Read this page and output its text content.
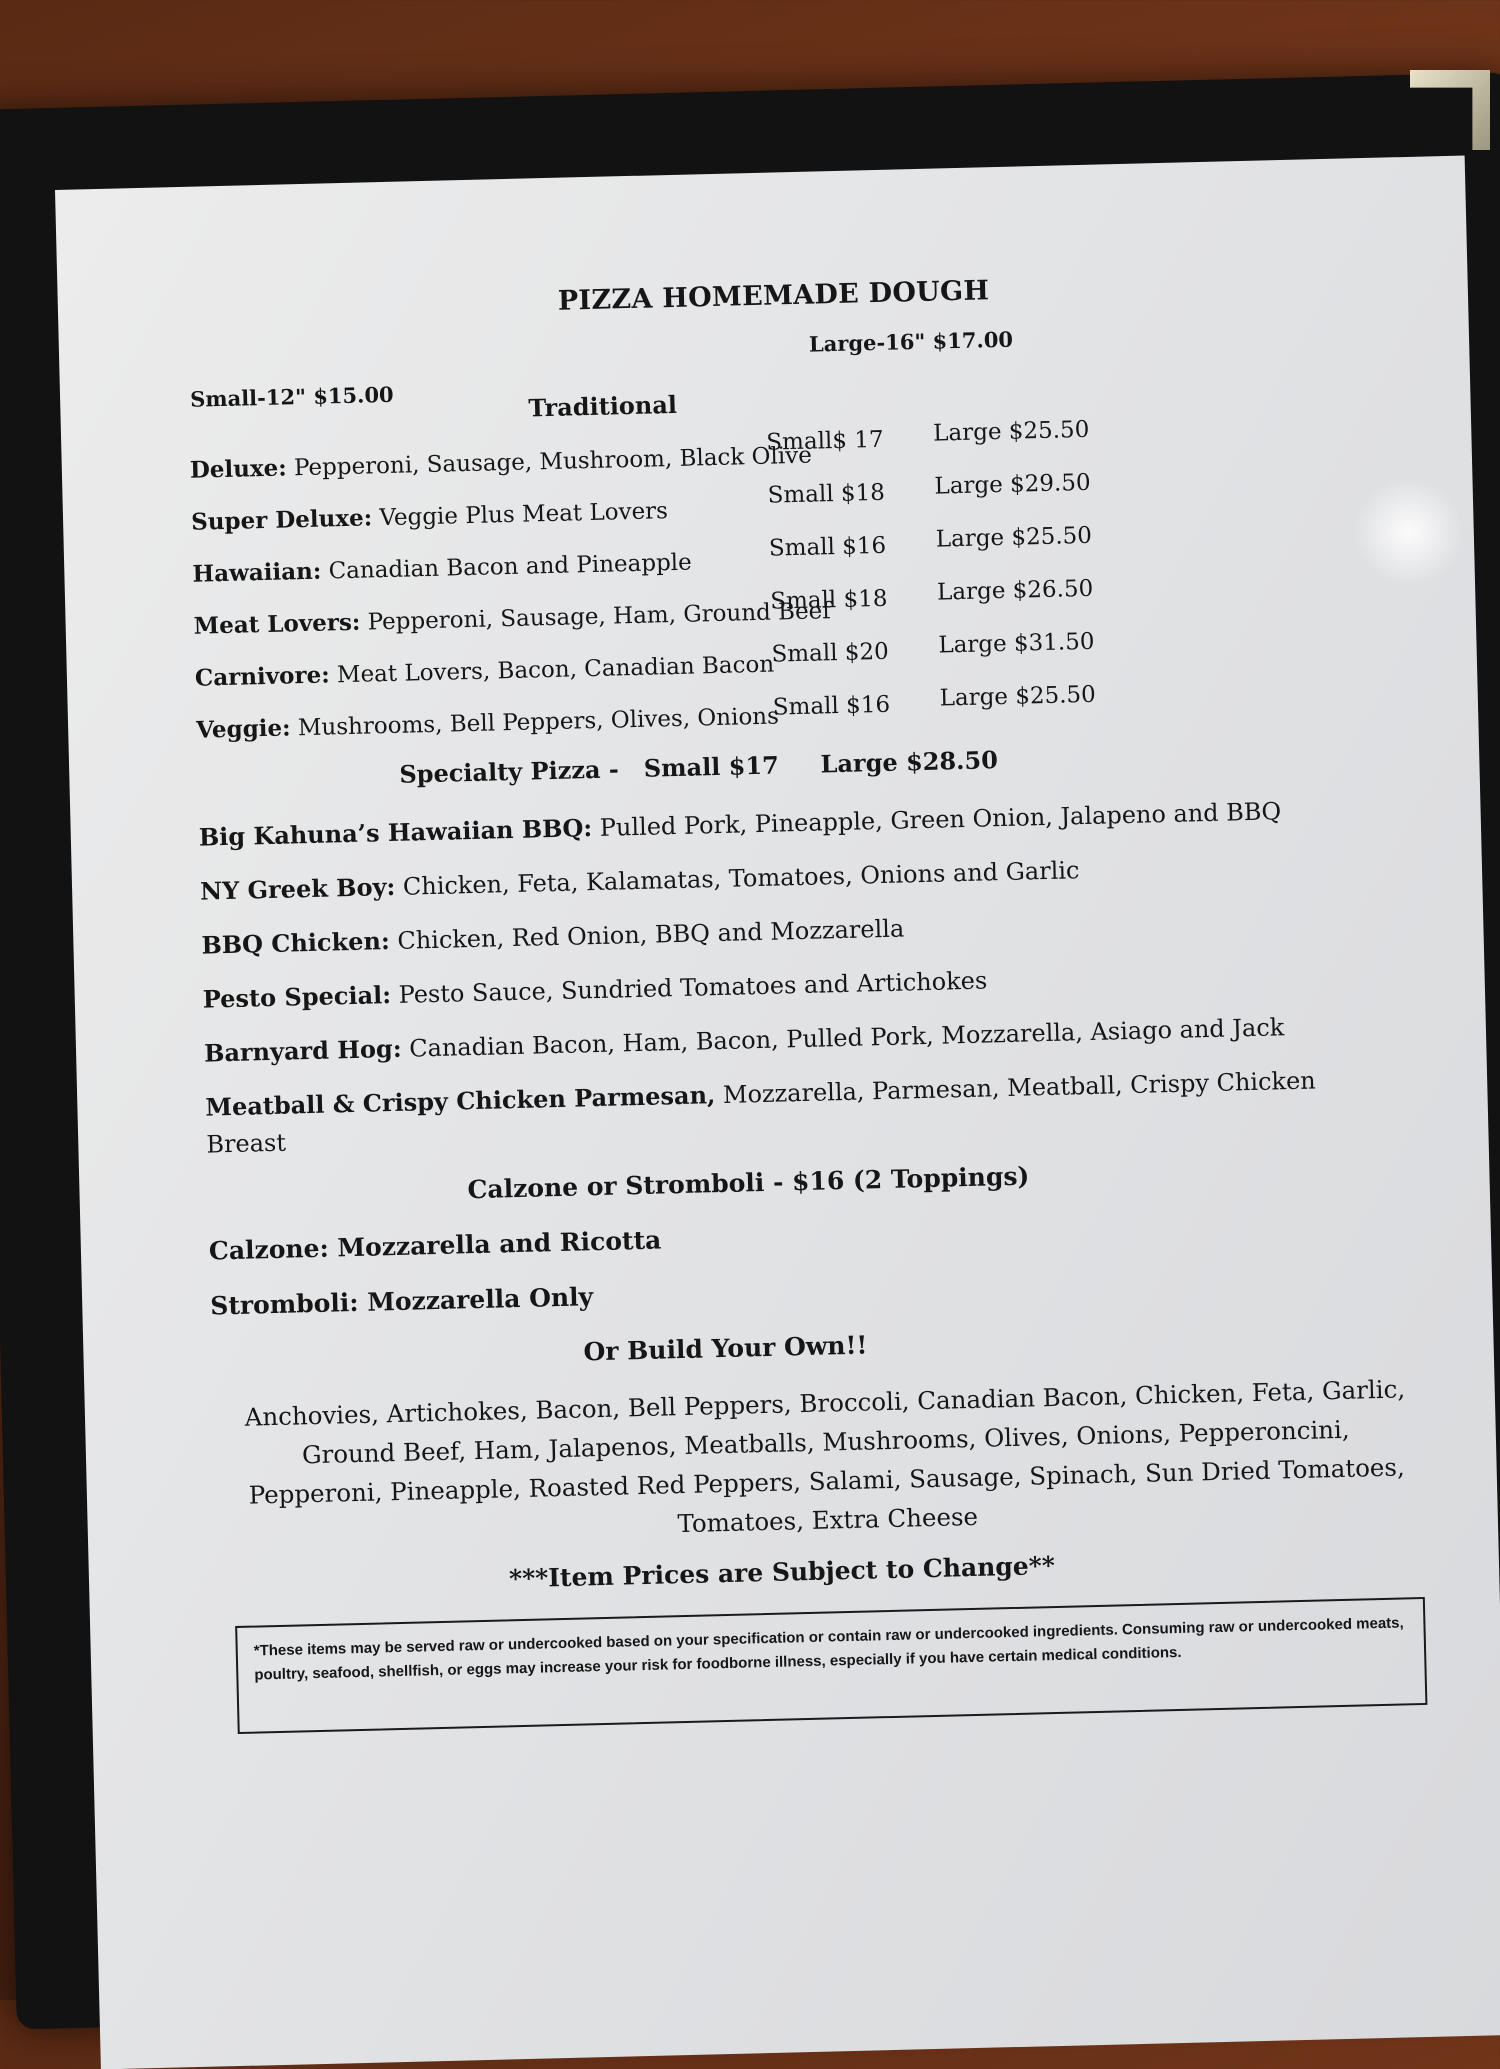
PIZZA HOMEMADE DOUGH
Small-12" $15.00
Large-16" $17.00
Traditional
Deluxe: Pepperoni, Sausage, Mushroom, Black Olive
Small$ 17 Large $25.50
Super Deluxe: Veggie Plus Meat Lovers
Small $18 Large $29.50
Hawaiian: Canadian Bacon and Pineapple
Small $16 Large $25.50
Meat Lovers: Pepperoni, Sausage, Ham, Ground Beef
Small $18 Large $26.50
Carnivore: Meat Lovers, Bacon, Canadian Bacon
Small $20 Large $31.50
Veggie: Mushrooms, Bell Peppers, Olives, Onions
Small $16 Large $25.50
Specialty Pizza - Small $17 Large $28.50
Big Kahuna’s Hawaiian BBQ: Pulled Pork, Pineapple, Green Onion, Jalapeno and BBQ
NY Greek Boy: Chicken, Feta, Kalamatas, Tomatoes, Onions and Garlic
BBQ Chicken: Chicken, Red Onion, BBQ and Mozzarella
Pesto Special: Pesto Sauce, Sundried Tomatoes and Artichokes
Barnyard Hog: Canadian Bacon, Ham, Bacon, Pulled Pork, Mozzarella, Asiago and Jack
Meatball & Crispy Chicken Parmesan, Mozzarella, Parmesan, Meatball, Crispy Chicken
Breast
Calzone or Stromboli - $16 (2 Toppings)
Calzone: Mozzarella and Ricotta
Stromboli: Mozzarella Only
Or Build Your Own!!
Anchovies, Artichokes, Bacon, Bell Peppers, Broccoli, Canadian Bacon, Chicken, Feta, Garlic, Ground Beef, Ham, Jalapenos, Meatballs, Mushrooms, Olives, Onions, Pepperoncini, Pepperoni, Pineapple, Roasted Red Peppers, Salami, Sausage, Spinach, Sun Dried Tomatoes, Tomatoes, Extra Cheese
***Item Prices are Subject to Change**
*These items may be served raw or undercooked based on your specification or contain raw or undercooked ingredients. Consuming raw or undercooked meats, poultry, seafood, shellfish, or eggs may increase your risk for foodborne illness, especially if you have certain medical conditions.
